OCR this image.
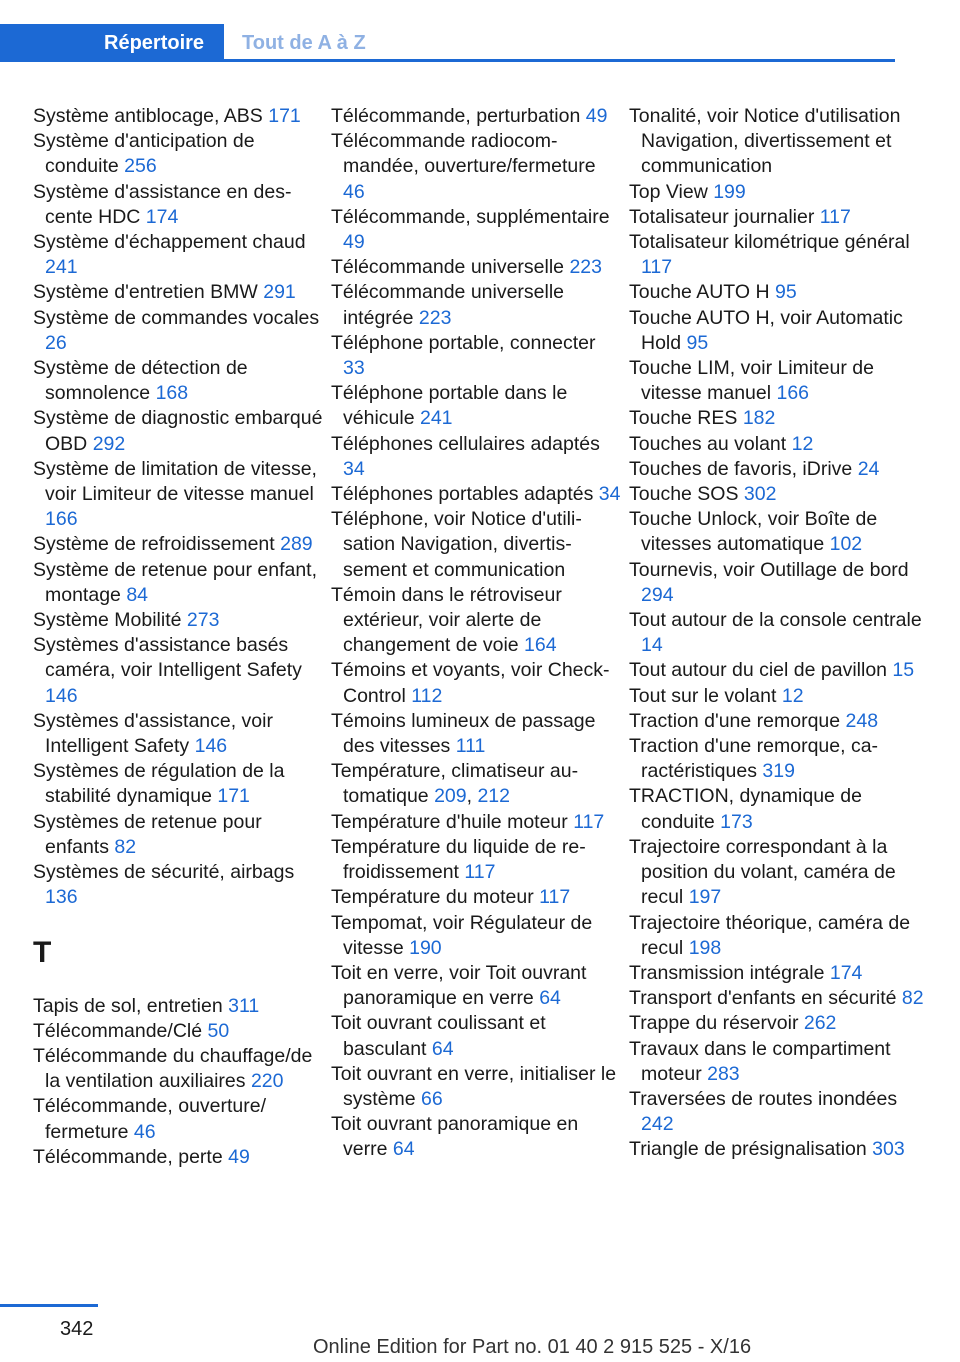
Répertoire	Tout de A à Z
Système antiblocage, ABS 171
Système d'anticipation de conduite 256
Système d'assistance en descente HDC 174
Système d'échappement chaud 241
Système d'entretien BMW 291
Système de commandes vocales 26
Système de détection de somnolence 168
Système de diagnostic embarqué OBD 292
Système de limitation de vitesse, voir Limiteur de vitesse manuel 166
Système de refroidissement 289
Système de retenue pour enfant, montage 84
Système Mobilité 273
Systèmes d'assistance basés caméra, voir Intelligent Safety 146
Systèmes d'assistance, voir Intelligent Safety 146
Systèmes de régulation de la stabilité dynamique 171
Systèmes de retenue pour enfants 82
Systèmes de sécurité, airbags 136
T
Tapis de sol, entretien 311
Télécommande/Clé 50
Télécommande du chauffage/de la ventilation auxiliaires 220
Télécommande, ouverture/ fermeture 46
Télécommande, perte 49
Télécommande, perturbation 49
Télécommande radiocommandée, ouverture/fermeture 46
Télécommande, supplémentaire 49
Télécommande universelle 223
Télécommande universelle intégrée 223
Téléphone portable, connecter 33
Téléphone portable dans le véhicule 241
Téléphones cellulaires adaptés 34
Téléphones portables adaptés 34
Téléphone, voir Notice d'utilisation Navigation, divertissement et communication
Témoin dans le rétroviseur extérieur, voir alerte de changement de voie 164
Témoins et voyants, voir Check-Control 112
Témoins lumineux de passage des vitesses 111
Température, climatiseur automatique 209, 212
Température d'huile moteur 117
Température du liquide de refroidissement 117
Température du moteur 117
Tempomat, voir Régulateur de vitesse 190
Toit en verre, voir Toit ouvrant panoramique en verre 64
Toit ouvrant coulissant et basculant 64
Toit ouvrant en verre, initialiser le système 66
Toit ouvrant panoramique en verre 64
Tonalité, voir Notice d'utilisation Navigation, divertissement et communication
Top View 199
Totalisateur journalier 117
Totalisateur kilométrique général 117
Touche AUTO H 95
Touche AUTO H, voir Automatic Hold 95
Touche LIM, voir Limiteur de vitesse manuel 166
Touche RES 182
Touches au volant 12
Touches de favoris, iDrive 24
Touche SOS 302
Touche Unlock, voir Boîte de vitesses automatique 102
Tournevis, voir Outillage de bord 294
Tout autour de la console centrale 14
Tout autour du ciel de pavillon 15
Tout sur le volant 12
Traction d'une remorque 248
Traction d'une remorque, caractéristiques 319
TRACTION, dynamique de conduite 173
Trajectoire correspondant à la position du volant, caméra de recul 197
Trajectoire théorique, caméra de recul 198
Transmission intégrale 174
Transport d'enfants en sécurité 82
Trappe du réservoir 262
Travaux dans le compartiment moteur 283
Traversées de routes inondées 242
Triangle de présignalisation 303
342
Online Edition for Part no. 01 40 2 915 525 - X/16
